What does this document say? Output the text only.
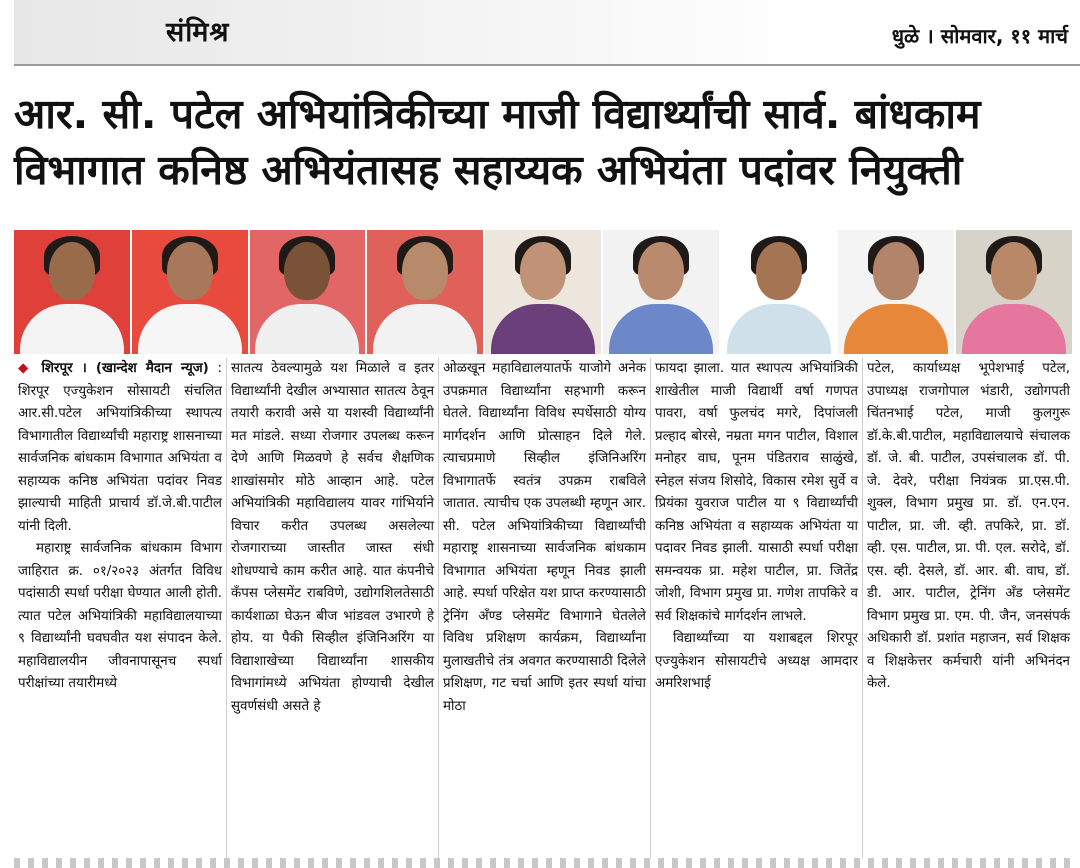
संमिश्र	धुळे । सोमवार, ११ मार्च
आर. सी. पटेल अभियांत्रिकीच्या माजी विद्यार्थ्यांची सार्व. बांधकाम
विभागात कनिष्ठ अभियंतासह सहाय्यक अभियंता पदांवर नियुक्ती

◆ शिरपूर । (खान्देश मैदान न्यूज) : शिरपूर एज्युकेशन सोसायटी संचलित आर.सी.पटेल अभियांत्रिकीच्या स्थापत्य विभागातील विद्यार्थ्यांची महाराष्ट्र शासनाच्या सार्वजनिक बांधकाम विभागात अभियंता व सहाय्यक कनिष्ठ अभियंता पदांवर निवड झाल्याची माहिती प्राचार्य डॉ.जे.बी.पाटील यांनी दिली.

महाराष्ट्र सार्वजनिक बांधकाम विभाग जाहिरात क्र. ०१/२०२३ अंतर्गत विविध पदांसाठी स्पर्धा परीक्षा घेण्यात आली होती. त्यात पटेल अभियांत्रिकी महाविद्यालयाच्या ९ विद्यार्थ्यांनी घवघवीत यश संपादन केले. महाविद्यालयीन जीवनापासूनच स्पर्धा परीक्षांच्या तयारीमध्ये

सातत्य ठेवल्यामुळे यश मिळाले व इतर विद्यार्थ्यांनी देखील अभ्यासात सातत्य ठेवून तयारी करावी असे या यशस्वी विद्यार्थ्यांनी मत मांडले. सध्या रोजगार उपलब्ध करून देणे आणि मिळवणे हे सर्वच शैक्षणिक शाखांसमोर मोठे आव्हान आहे. पटेल अभियांत्रिकी महाविद्यालय यावर गांभिर्याने विचार करीत उपलब्ध असलेल्या रोजगाराच्या जास्तीत जास्त संधी शोधण्याचे काम करीत आहे. यात कंपनीचे कँपस प्लेसमेंट राबविणे, उद्योगशिलतेसाठी कार्यशाळा घेऊन बीज भांडवल उभारणे हे होय. या पैकी सिव्हील इंजिनिअरिंग या विद्याशाखेच्या विद्यार्थ्यांना शासकीय विभागांमध्ये अभियंता होण्याची देखील सुवर्णसंधी असते हे

ओळखून महाविद्यालयातर्फे याजोगे अनेक उपक्रमात विद्यार्थ्यांना सहभागी करून घेतले. विद्यार्थ्यांना विविध स्पर्धेसाठी योग्य मार्गदर्शन आणि प्रोत्साहन दिले गेले. त्याचप्रमाणे सिव्हील इंजिनिअरिंग विभागातर्फे स्वतंत्र उपक्रम राबविले जातात. त्याचीच एक उपलब्धी म्हणून आर. सी. पटेल अभियांत्रिकीच्या विद्यार्थ्यांची महाराष्ट्र शासनाच्या सार्वजनिक बांधकाम विभागात अभियंता म्हणून निवड झाली आहे. स्पर्धा परिक्षेत यश प्राप्त करण्यासाठी ट्रेनिंग अँण्ड प्लेसमेंट विभागाने घेतलेले विविध प्रशिक्षण कार्यक्रम, विद्यार्थ्यांना मुलाखतीचे तंत्र अवगत करण्यासाठी दिलेले प्रशिक्षण, गट चर्चा आणि इतर स्पर्धा यांचा मोठा

फायदा झाला. यात स्थापत्य अभियांत्रिकी शाखेतील माजी विद्यार्थी वर्षा गणपत पावरा, वर्षा फुलचंद मगरे, दिपांजली प्रल्हाद बोरसे, नम्रता मगन पाटील, विशाल मनोहर वाघ, पूनम पंडितराव साळुंखे, स्नेहल संजय शिसोदे, विकास रमेश सुर्वे व प्रियंका युवराज पाटील या ९ विद्यार्थ्यांची कनिष्ठ अभियंता व सहाय्यक अभियंता या पदावर निवड झाली. यासाठी स्पर्धा परीक्षा समन्वयक प्रा. महेश पाटील, प्रा. जितेंद्र जोशी, विभाग प्रमुख प्रा. गणेश तापकिरे व सर्व शिक्षकांचे मार्गदर्शन लाभले.

विद्यार्थ्यांच्या या यशाबद्दल शिरपूर एज्युकेशन सोसायटीचे अध्यक्ष आमदार अमरिशभाई

पटेल, कार्याध्यक्ष भूपेशभाई पटेल, उपाध्यक्ष राजगोपाल भंडारी, उद्योगपती चिंतनभाई पटेल, माजी कुलगुरू डॉ.के.बी.पाटील, महाविद्यालयाचे संचालक डॉ. जे. बी. पाटील, उपसंचालक डॉ. पी. जे. देवरे, परीक्षा नियंत्रक प्रा.एस.पी. शुक्ल, विभाग प्रमुख प्रा. डॉ. एन.एन. पाटील, प्रा. जी. व्ही. तपकिरे, प्रा. डॉ. व्ही. एस. पाटील, प्रा. पी. एल. सरोदे, डॉ. एस. व्ही. देसले, डॉ. आर. बी. वाघ, डॉ. डी. आर. पाटील, ट्रेनिंग अँड प्लेसमेंट विभाग प्रमुख प्रा. एम. पी. जैन, जनसंपर्क अधिकारी डॉ. प्रशांत महाजन, सर्व शिक्षक व शिक्षकेत्तर कर्मचारी यांनी अभिनंदन केले.
